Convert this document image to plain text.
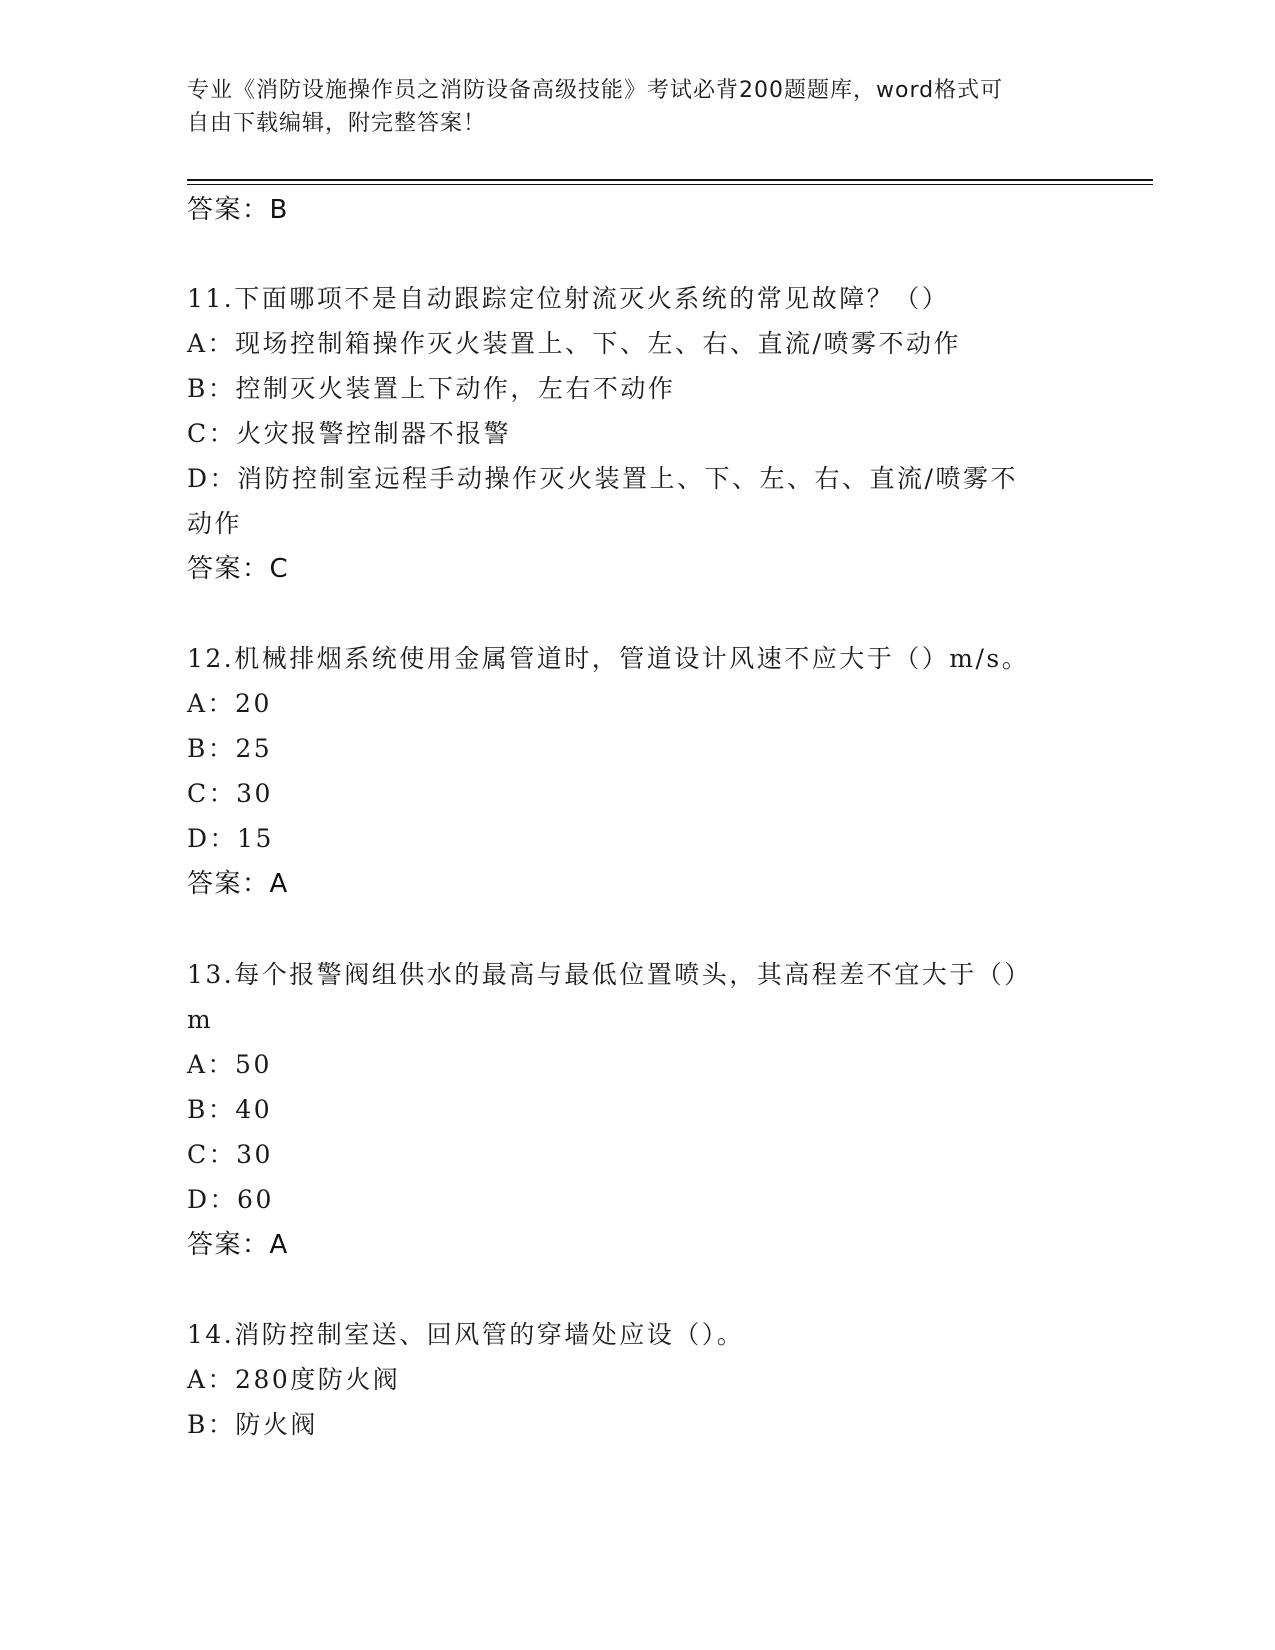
专业《消防设施操作员之消防设备高级技能》考试必背200题题库，word格式可
自由下载编辑，附完整答案！
答案：B
11.下面哪项不是自动跟踪定位射流灭火系统的常见故障？（）
A：现场控制箱操作灭火装置上、下、左、右、直流/喷雾不动作
B：控制灭火装置上下动作，左右不动作
C：火灾报警控制器不报警
D：消防控制室远程手动操作灭火装置上、下、左、右、直流/喷雾不
动作
答案：C
12.机械排烟系统使用金属管道时，管道设计风速不应大于（）m/s。
A：20
B：25
C：30
D：15
答案：A
13.每个报警阀组供水的最高与最低位置喷头，其高程差不宜大于（）
m
A：50
B：40
C：30
D：60
答案：A
14.消防控制室送、回风管的穿墙处应设（）。
A：280度防火阀
B：防火阀
